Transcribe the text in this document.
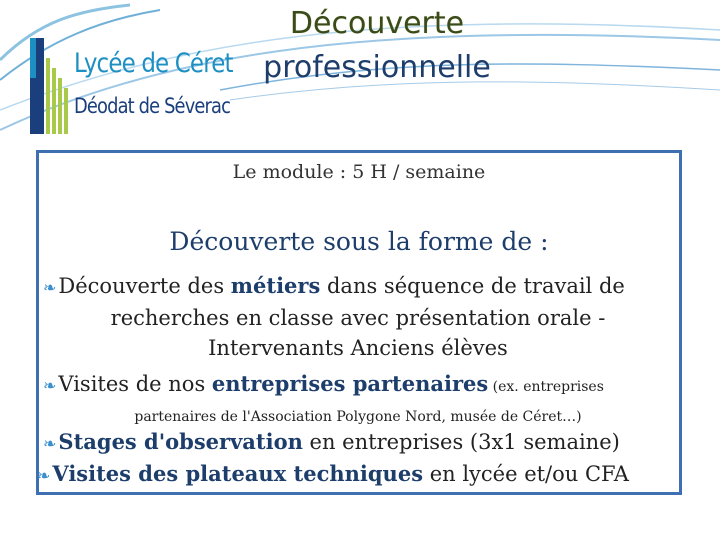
Lycée de Céret
Déodat de Séverac
Découverte
professionnelle
Le module : 5 H / semaine
Découverte sous la forme de :
❧Découverte des métiers dans séquence de travail de
recherches en classe avec présentation orale -
Intervenants Anciens élèves
❧Visites de nos entreprises partenaires (ex. entreprises
partenaires de l'Association Polygone Nord, musée de Céret…)
❧Stages d'observation en entreprises (3x1 semaine)
❧Visites des plateaux techniques en lycée et/ou CFA
